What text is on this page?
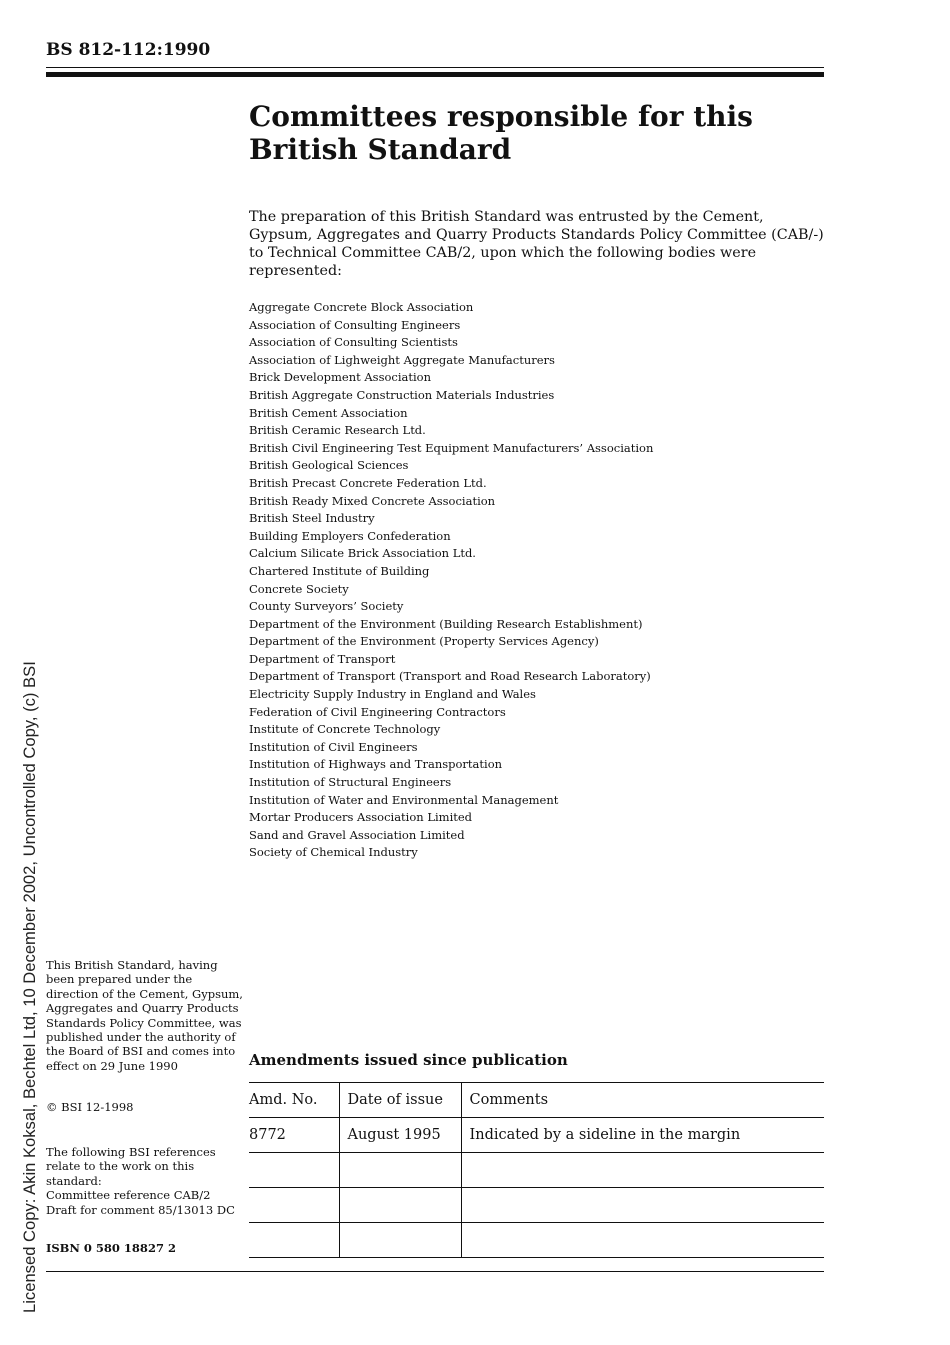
BS 812-112:1990
Committees responsible for this British Standard
The preparation of this British Standard was entrusted by the Cement, Gypsum, Aggregates and Quarry Products Standards Policy Committee (CAB/-) to Technical Committee CAB/2, upon which the following bodies were represented:
Aggregate Concrete Block Association
Association of Consulting Engineers
Association of Consulting Scientists
Association of Lighweight Aggregate Manufacturers
Brick Development Association
British Aggregate Construction Materials Industries
British Cement Association
British Ceramic Research Ltd.
British Civil Engineering Test Equipment Manufacturers’ Association
British Geological Sciences
British Precast Concrete Federation Ltd.
British Ready Mixed Concrete Association
British Steel Industry
Building Employers Confederation
Calcium Silicate Brick Association Ltd.
Chartered Institute of Building
Concrete Society
County Surveyors’ Society
Department of the Environment (Building Research Establishment)
Department of the Environment (Property Services Agency)
Department of Transport
Department of Transport (Transport and Road Research Laboratory)
Electricity Supply Industry in England and Wales
Federation of Civil Engineering Contractors
Institute of Concrete Technology
Institution of Civil Engineers
Institution of Highways and Transportation
Institution of Structural Engineers
Institution of Water and Environmental Management
Mortar Producers Association Limited
Sand and Gravel Association Limited
Society of Chemical Industry
This British Standard, having been prepared under the direction of the Cement, Gypsum, Aggregates and Quarry Products Standards Policy Committee, was published under the authority of the Board of BSI and comes into effect on 29 June 1990
© BSI 12-1998
The following BSI references relate to the work on this standard:
Committee reference CAB/2
Draft for comment 85/13013 DC
ISBN 0 580 18827 2
Amendments issued since publication
Amd. No.	Date of issue	Comments
8772	August 1995	Indicated by a sideline in the margin

Licensed Copy: Akin Koksal, Bechtel Ltd, 10 December 2002, Uncontrolled Copy, (c) BSI
